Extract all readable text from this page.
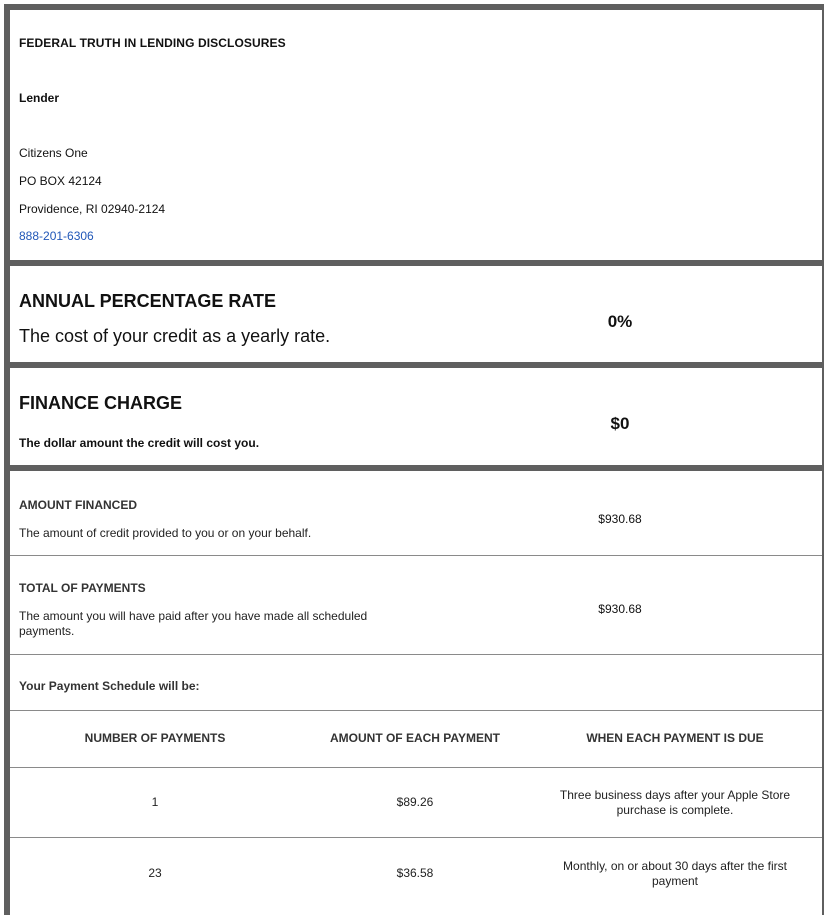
FEDERAL TRUTH IN LENDING DISCLOSURES
Lender
Citizens One
PO BOX 42124
Providence, RI 02940-2124
888-201-6306
ANNUAL PERCENTAGE RATE
The cost of your credit as a yearly rate.
0%
FINANCE CHARGE
The dollar amount the credit will cost you.
$0
AMOUNT FINANCED
The amount of credit provided to you or on your behalf.
$930.68
TOTAL OF PAYMENTS
The amount you will have paid after you have made all scheduled payments.
$930.68
Your Payment Schedule will be:
NUMBER OF PAYMENTS	AMOUNT OF EACH PAYMENT	WHEN EACH PAYMENT IS DUE
1	$89.26	Three business days after your Apple Store purchase is complete.
23	$36.58	Monthly, on or about 30 days after the first payment
